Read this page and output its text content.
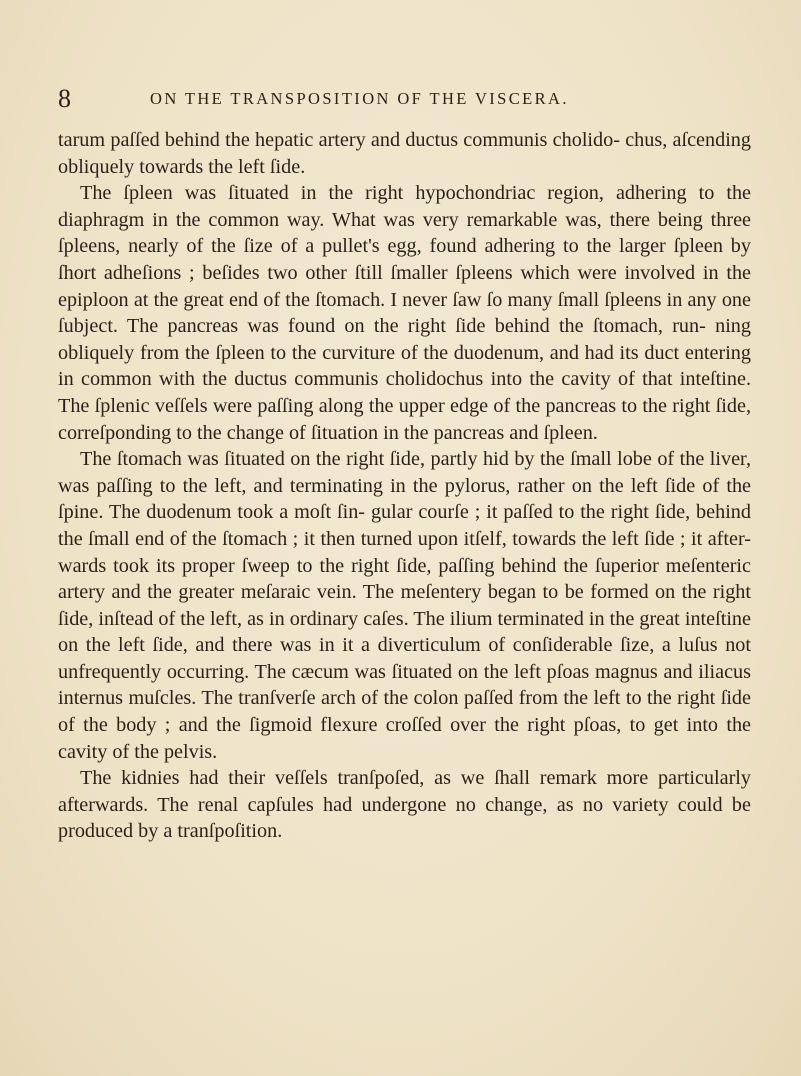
8	ON THE TRANSPOSITION OF THE VISCERA.

tarum paſſed behind the hepatic artery and ductus communis cholido- chus, aſcending obliquely towards the left ſide.

The ſpleen was ſituated in the right hypochondriac region, adhering to the diaphragm in the common way. What was very remarkable was, there being three ſpleens, nearly of the ſize of a pullet's egg, found adhering to the larger ſpleen by ſhort adheſions ; beſides two other ſtill ſmaller ſpleens which were involved in the epiploon at the great end of the ſtomach. I never ſaw ſo many ſmall ſpleens in any one ſubject. The pancreas was found on the right ſide behind the ſtomach, run- ning obliquely from the ſpleen to the curviture of the duodenum, and had its duct entering in common with the ductus communis cholidochus into the cavity of that inteſtine. The ſplenic veſſels were paſſing along the upper edge of the pancreas to the right ſide, correſponding to the change of ſituation in the pancreas and ſpleen.

The ſtomach was ſituated on the right ſide, partly hid by the ſmall lobe of the liver, was paſſing to the left, and terminating in the pylorus, rather on the left ſide of the ſpine. The duodenum took a moſt ſin- gular courſe ; it paſſed to the right ſide, behind the ſmall end of the ſtomach ; it then turned upon itſelf, towards the left ſide ; it after- wards took its proper ſweep to the right ſide, paſſing behind the ſuperior meſenteric artery and the greater meſaraic vein. The meſentery began to be formed on the right ſide, inſtead of the left, as in ordinary caſes. The ilium terminated in the great inteſtine on the left ſide, and there was in it a diverticulum of conſiderable ſize, a luſus not unfrequently occurring. The cæcum was ſituated on the left pſoas magnus and iliacus internus muſcles. The tranſverſe arch of the colon paſſed from the left to the right ſide of the body ; and the ſigmoid flexure croſſed over the right pſoas, to get into the cavity of the pelvis.

The kidnies had their veſſels tranſpoſed, as we ſhall remark more particularly afterwards. The renal capſules had undergone no change, as no variety could be produced by a tranſpoſition.
